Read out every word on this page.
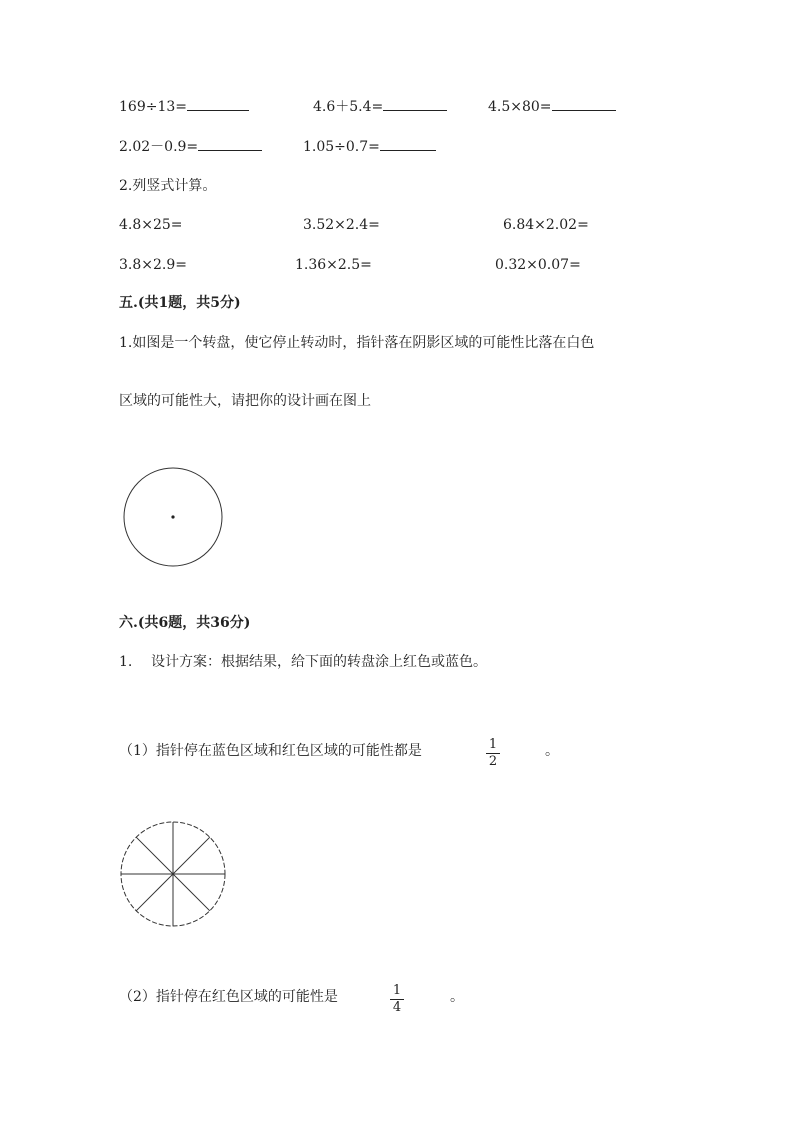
169÷13=	4.6＋5.4=	4.5×80=
2.02－0.9=	1.05÷0.7=
2.列竖式计算。
4.8×25=	3.52×2.4=	6.84×2.02=
3.8×2.9=	1.36×2.5=	0.32×0.07=
五.(共1题，共5分)
1.如图是一个转盘，使它停止转动时，指针落在阴影区域的可能性比落在白色
区域的可能性大，请把你的设计画在图上
六.(共6题，共36分)
1. 设计方案：根据结果，给下面的转盘涂上红色或蓝色。
（1）指针停在蓝色区域和红色区域的可能性都是	1
2
。
（2）指针停在红色区域的可能性是	1
4
。
